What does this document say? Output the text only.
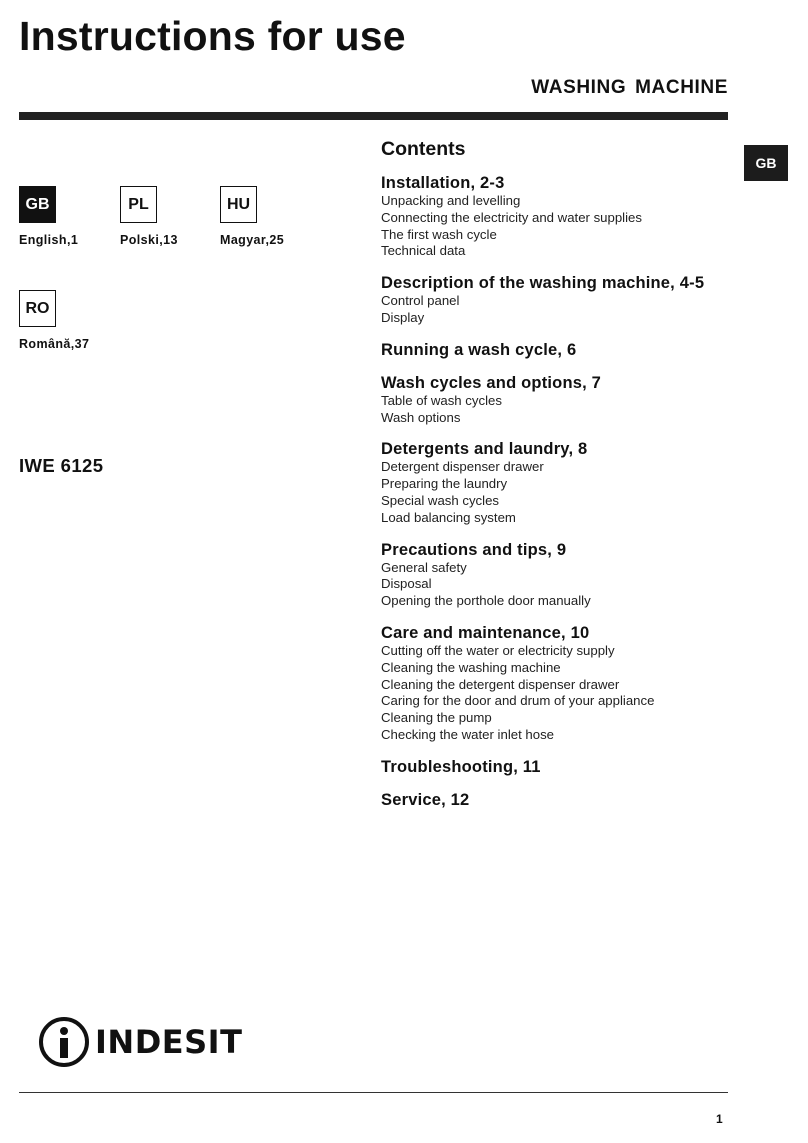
Instructions for use
WASHING MACHINE
GB
GB
English,1
PL
Polski,13
HU
Magyar,25
RO
Română,37
IWE 6125
Contents
Installation, 2-3
Unpacking and levelling
Connecting the electricity and water supplies
The first wash cycle
Technical data
Description of the washing machine, 4-5
Control panel
Display
Running a wash cycle, 6
Wash cycles and options, 7
Table of wash cycles
Wash options
Detergents and laundry, 8
Detergent dispenser drawer
Preparing the laundry
Special wash cycles
Load balancing system
Precautions and tips, 9
General safety
Disposal
Opening the porthole door manually
Care and maintenance, 10
Cutting off the water or electricity supply
Cleaning the washing machine
Cleaning the detergent dispenser drawer
Caring for the door and drum of your appliance
Cleaning the pump
Checking the water inlet hose
Troubleshooting, 11
Service, 12
INDESIT
1
